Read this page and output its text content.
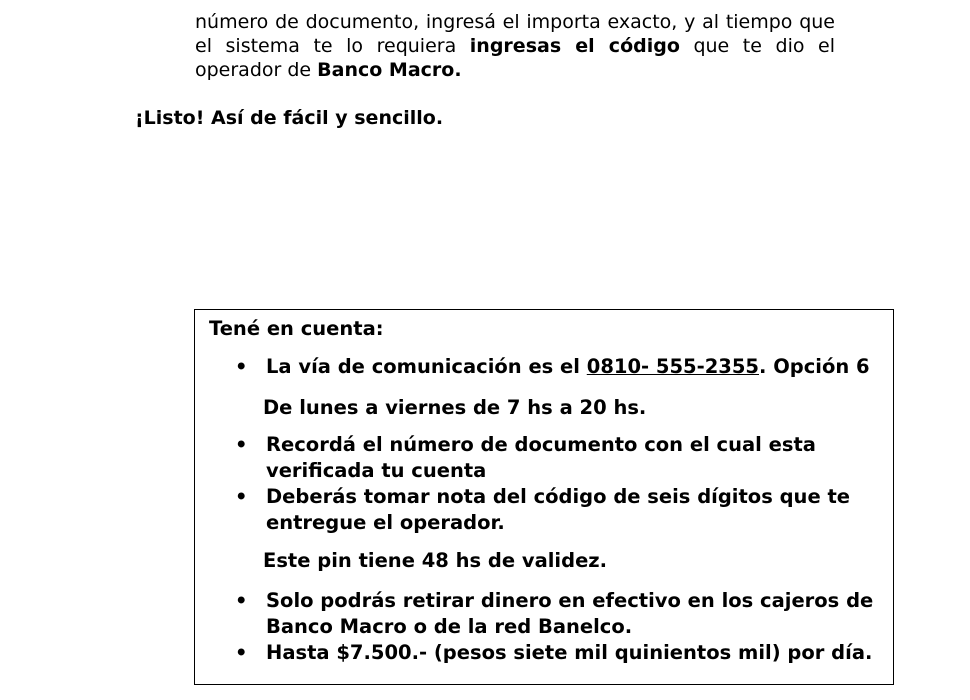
número de documento, ingresá el importa exacto, y al tiempo que el sistema te lo requiera ingresas el código que te dio el operador de Banco Macro.
¡Listo! Así de fácil y sencillo.
Tené en cuenta:
• La vía de comunicación es el 0810- 555-2355. Opción 6
De lunes a viernes de 7 hs a 20 hs.
• Recordá el número de documento con el cual esta verificada tu cuenta
• Deberás tomar nota del código de seis dígitos que te entregue el operador.
Este pin tiene 48 hs de validez.
• Solo podrás retirar dinero en efectivo en los cajeros de Banco Macro o de la red Banelco.
• Hasta $7.500.- (pesos siete mil quinientos mil) por día.
